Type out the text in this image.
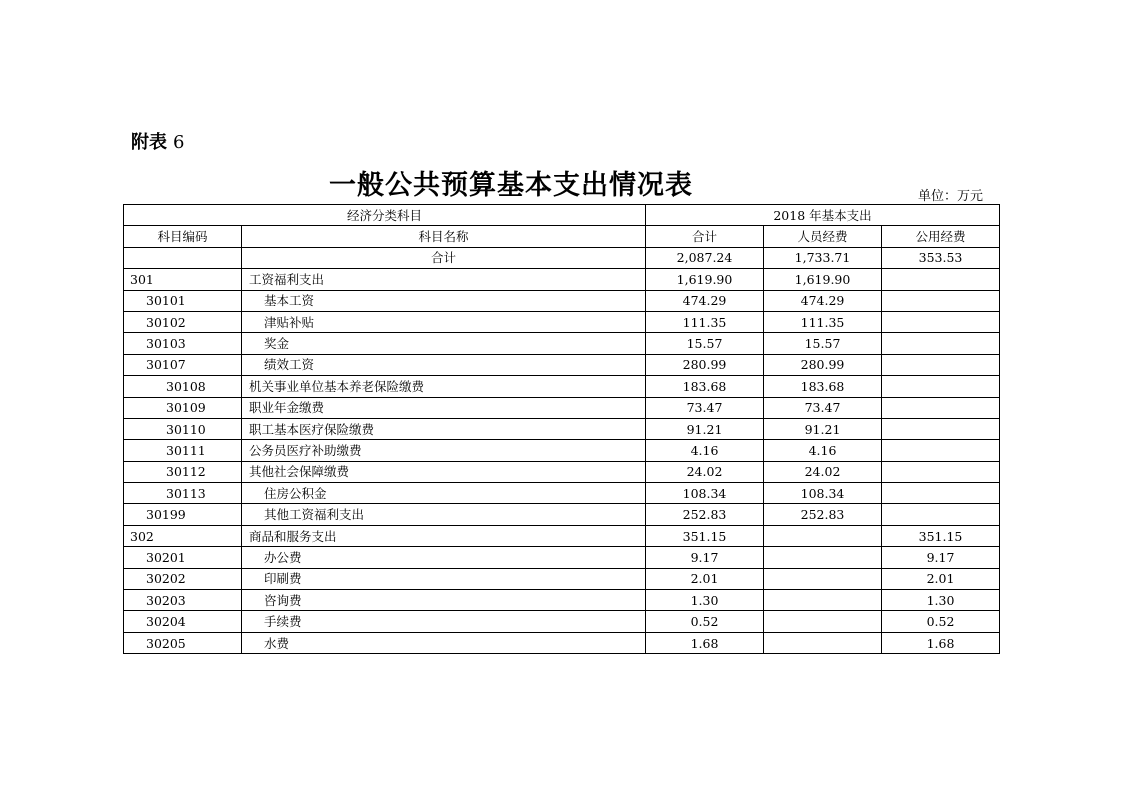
附表 6
一般公共预算基本支出情况表	单位：万元
经济分类科目		2018 年基本支出		
科目编码	科目名称	合计	人员经费	公用经费
	合计	2,087.24	1,733.71	353.53
301	工资福利支出	1,619.90	1,619.90	
30101	基本工资	474.29	474.29	
30102	津贴补贴	111.35	111.35	
30103	奖金	15.57	15.57	
30107	绩效工资	280.99	280.99	
30108	机关事业单位基本养老保险缴费	183.68	183.68	
30109	职业年金缴费	73.47	73.47	
30110	职工基本医疗保险缴费	91.21	91.21	
30111	公务员医疗补助缴费	4.16	4.16	
30112	其他社会保障缴费	24.02	24.02	
30113	住房公积金	108.34	108.34	
30199	其他工资福利支出	252.83	252.83	
302	商品和服务支出	351.15		351.15
30201	办公费	9.17		9.17
30202	印刷费	2.01		2.01
30203	咨询费	1.30		1.30
30204	手续费	0.52		0.52
30205	水费	1.68		1.68
